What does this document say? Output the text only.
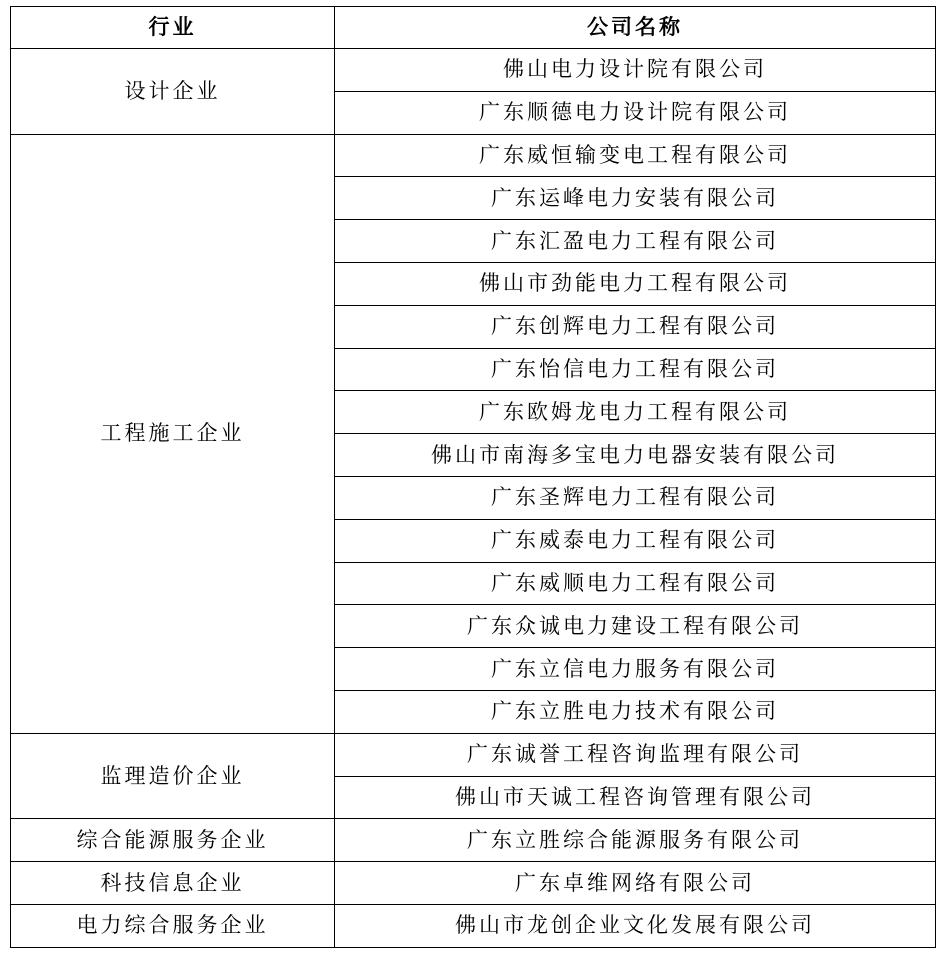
行业	公司名称
设计企业	佛山电力设计院有限公司
	广东顺德电力设计院有限公司
工程施工企业	广东威恒输变电工程有限公司
	广东运峰电力安装有限公司
	广东汇盈电力工程有限公司
	佛山市劲能电力工程有限公司
	广东创辉电力工程有限公司
	广东怡信电力工程有限公司
	广东欧姆龙电力工程有限公司
	佛山市南海多宝电力电器安装有限公司
	广东圣辉电力工程有限公司
	广东威泰电力工程有限公司
	广东威顺电力工程有限公司
	广东众诚电力建设工程有限公司
	广东立信电力服务有限公司
	广东立胜电力技术有限公司
监理造价企业	广东诚誉工程咨询监理有限公司
	佛山市天诚工程咨询管理有限公司
综合能源服务企业	广东立胜综合能源服务有限公司
科技信息企业	广东卓维网络有限公司
电力综合服务企业	佛山市龙创企业文化发展有限公司
